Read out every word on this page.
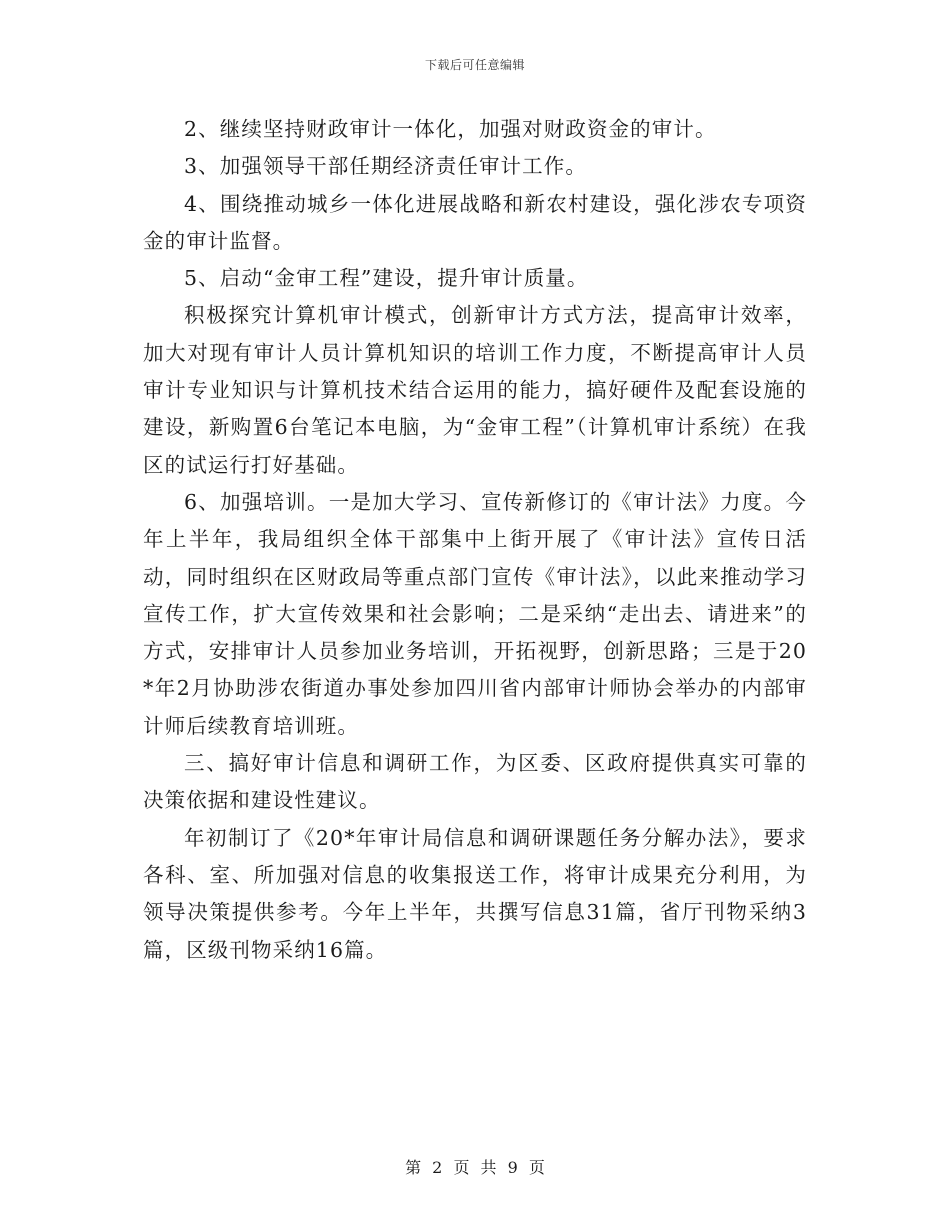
下载后可任意编辑

2、继续坚持财政审计一体化，加强对财政资金的审计。

3、加强领导干部任期经济责任审计工作。

4、围绕推动城乡一体化进展战略和新农村建设，强化涉农专项资金的审计监督。

5、启动“金审工程”建设，提升审计质量。

积极探究计算机审计模式，创新审计方式方法，提高审计效率，加大对现有审计人员计算机知识的培训工作力度，不断提高审计人员审计专业知识与计算机技术结合运用的能力，搞好硬件及配套设施的建设，新购置6台笔记本电脑，为“金审工程”（计算机审计系统）在我区的试运行打好基础。

6、加强培训。一是加大学习、宣传新修订的《审计法》力度。今年上半年，我局组织全体干部集中上街开展了《审计法》宣传日活动，同时组织在区财政局等重点部门宣传《审计法》，以此来推动学习宣传工作，扩大宣传效果和社会影响；二是采纳“走出去、请进来”的方式，安排审计人员参加业务培训，开拓视野，创新思路；三是于20*年2月协助涉农街道办事处参加四川省内部审计师协会举办的内部审计师后续教育培训班。

三、搞好审计信息和调研工作，为区委、区政府提供真实可靠的决策依据和建设性建议。

年初制订了《20*年审计局信息和调研课题任务分解办法》，要求各科、室、所加强对信息的收集报送工作，将审计成果充分利用，为领导决策提供参考。今年上半年，共撰写信息31篇，省厅刊物采纳3篇，区级刊物采纳16篇。

第 2 页 共 9 页
